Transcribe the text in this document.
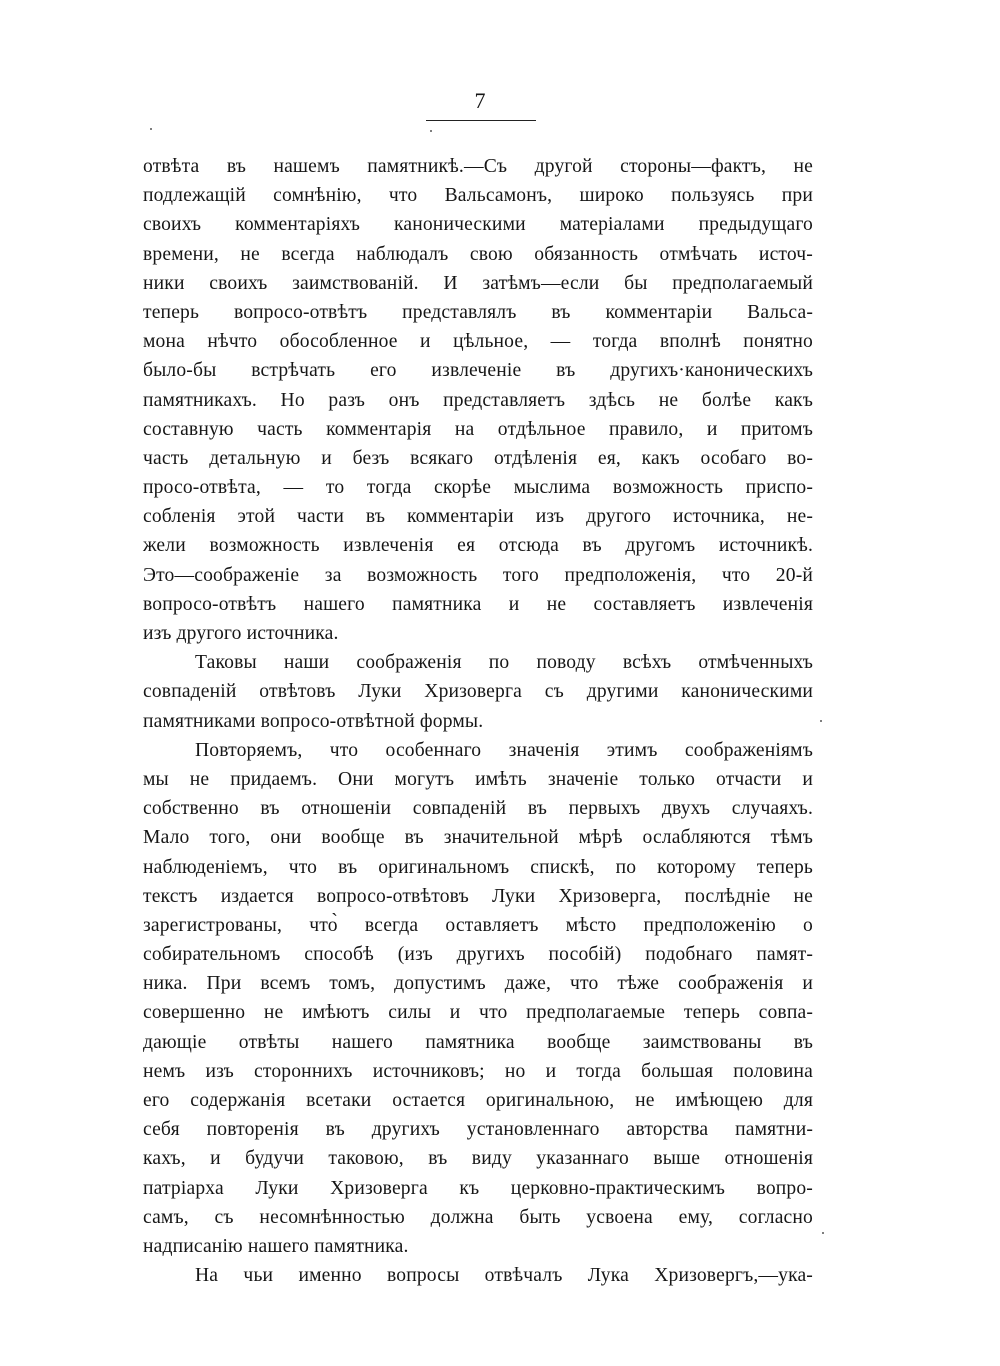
7
отвѣта въ нашемъ памятникѣ.—Съ другой стороны—фактъ, не
подлежащій сомнѣнію, что Вальсамонъ, широко пользуясь при
своихъ комментаріяхъ каноническими матеріалами предыдущаго
времени, не всегда наблюдалъ свою обязанность отмѣчать источ-
ники своихъ заимствованій. И затѣмъ—если бы предполагаемый
теперь вопросо-отвѣтъ представлялъ въ комментаріи Вальса-
мона нѣчто обособленное и цѣльное, — тогда вполнѣ понятно
было-бы встрѣчать его извлеченіе въ другихъ·каноническихъ
памятникахъ. Но разъ онъ представляетъ здѣсь не болѣе какъ
составную часть комментарія на отдѣльное правило, и притомъ
часть детальную и безъ всякаго отдѣленія ея, какъ особаго во-
просо-отвѣта, — то тогда скорѣе мыслима возможность приспо-
собленія этой части въ комментаріи изъ другого источника, не-
жели возможность извлеченія ея отсюда въ другомъ источникѣ.
Это—соображеніе за возможность того предположенія, что 20-й
вопросо-отвѣтъ нашего памятника и не составляетъ извлеченія
изъ другого источника.
Таковы наши соображенія по поводу всѣхъ отмѣченныхъ
совпаденій отвѣтовъ Луки Хризоверга съ другими каноническими
памятниками вопросо-отвѣтной формы.
Повторяемъ, что особеннаго значенія этимъ соображеніямъ
мы не придаемъ. Они могутъ имѣть значеніе только отчасти и
собственно въ отношеніи совпаденій въ первыхъ двухъ случаяхъ.
Мало того, они вообще въ значительной мѣрѣ ослабляются тѣмъ
наблюденіемъ, что въ оригинальномъ спискѣ, по которому теперь
текстъ издается вопросо-отвѣтовъ Луки Хризоверга, послѣдніе не
зарегистрованы, что̀ всегда оставляетъ мѣсто предположенію о
собирательномъ способѣ (изъ другихъ пособій) подобнаго памят-
ника. При всемъ томъ, допустимъ даже, что тѣже соображенія и
совершенно не имѣютъ силы и что предполагаемые теперь совпа-
дающіе отвѣты нашего памятника вообще заимствованы въ
немъ изъ стороннихъ источниковъ; но и тогда большая половина
его содержанія всетаки остается оригинальною, не имѣющею для
себя повторенія въ другихъ установленнаго авторства памятни-
кахъ, и будучи таковою, въ виду указаннаго выше отношенія
патріарха Луки Хризоверга къ церковно-практическимъ вопро-
самъ, съ несомнѣнностью должна быть усвоена ему, согласно
надписанію нашего памятника.
На чьи именно вопросы отвѣчалъ Лука Хризовергъ,—ука-
